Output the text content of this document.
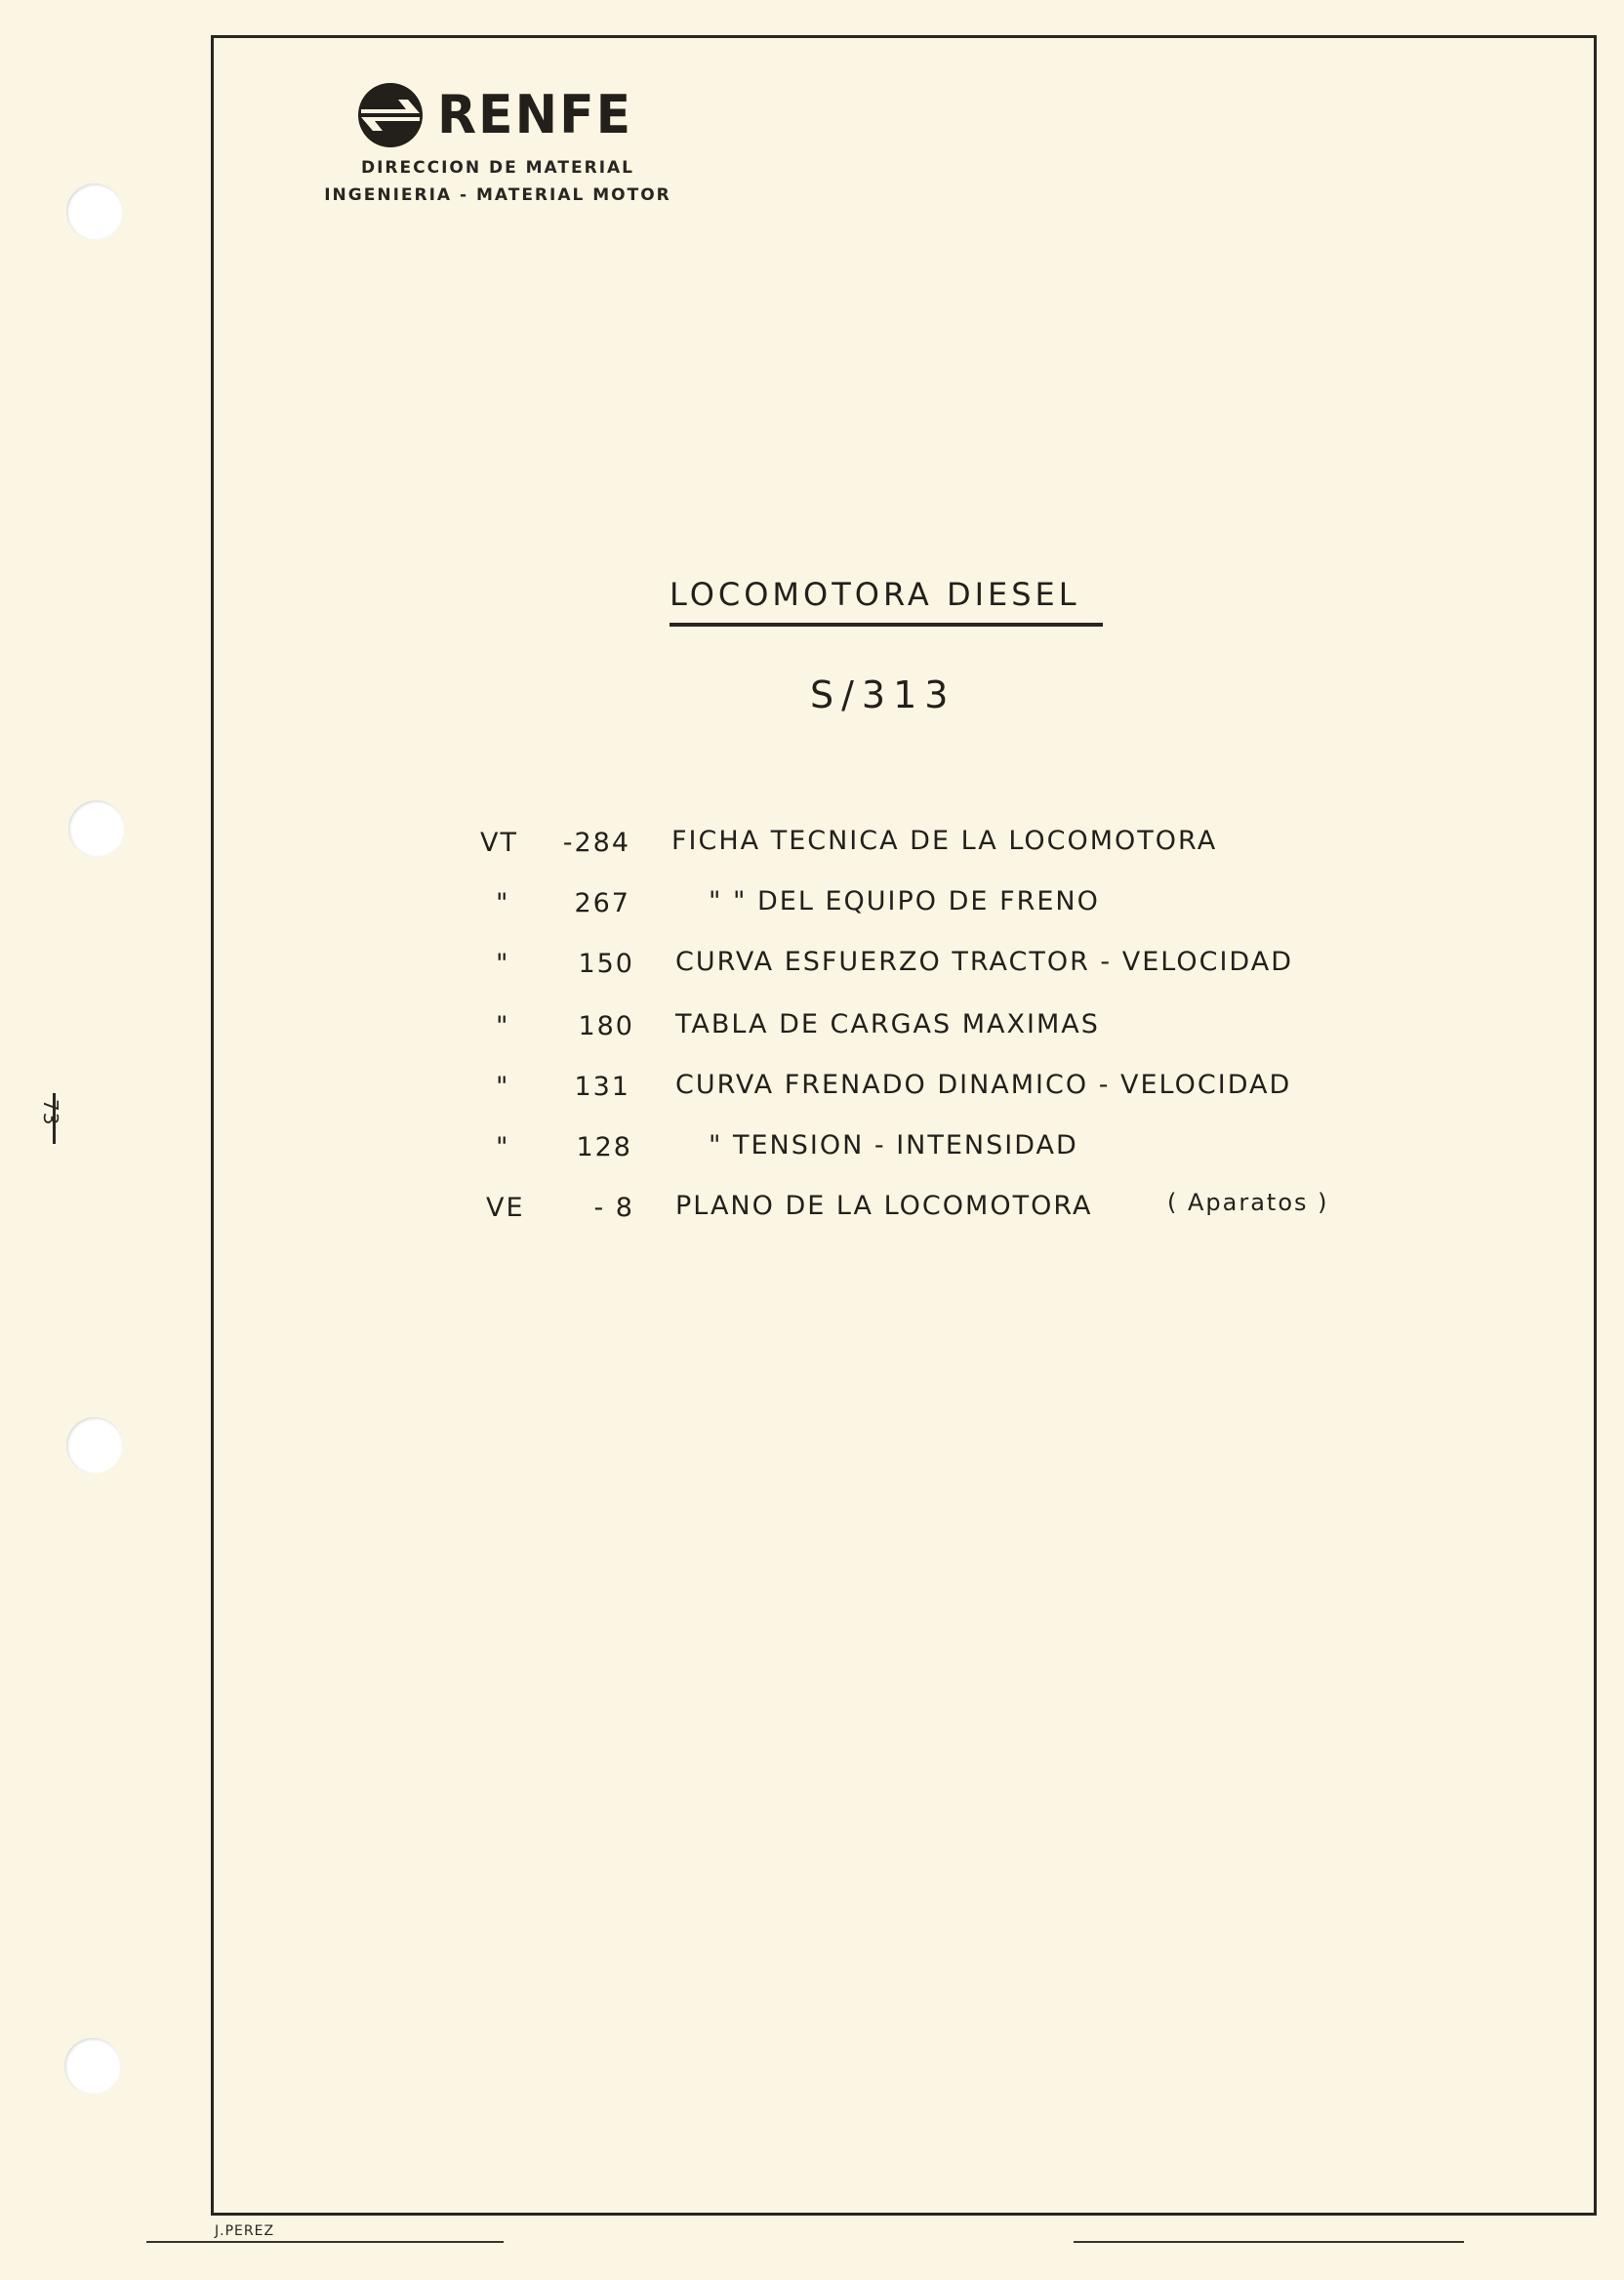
RENFE
DIRECCION DE MATERIAL
INGENIERIA - MATERIAL MOTOR
LOCOMOTORA DIESEL
S/313
VT	-284 FICHA TECNICA DE LA LOCOMOTORA
"	267	" " DEL EQUIPO DE FRENO
"	150 CURVA ESFUERZO TRACTOR - VELOCIDAD
"	180 TABLA DE CARGAS MAXIMAS
"	131 CURVA FRENADO DINAMICO - VELOCIDAD
"	128	" TENSION - INTENSIDAD
VE	- 8 PLANO DE LA LOCOMOTORA	( Aparatos )
73
J.PEREZ
